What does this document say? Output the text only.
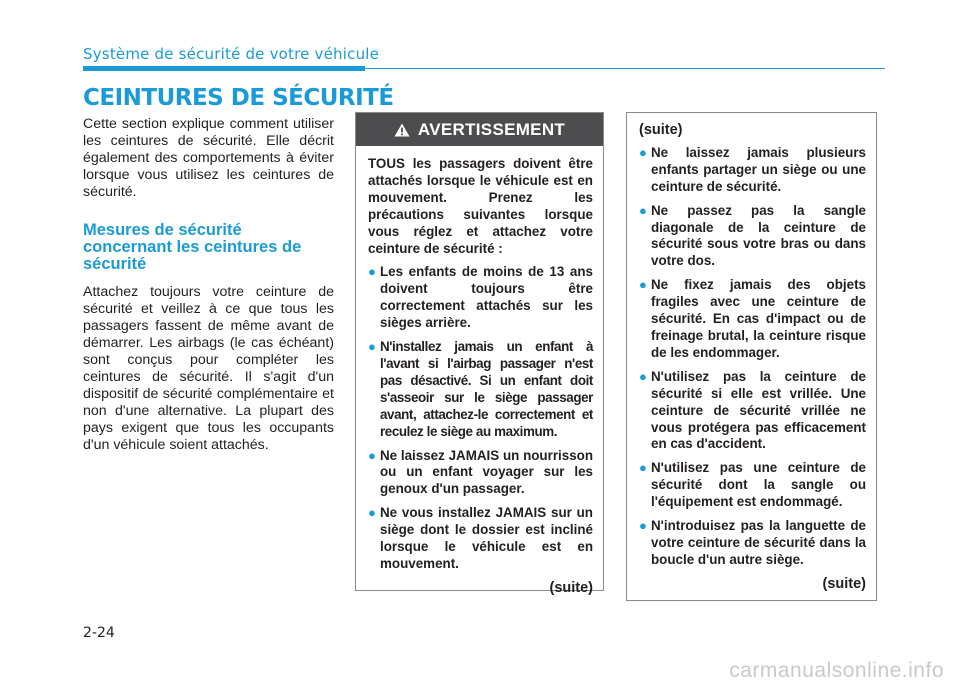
Système de sécurité de votre véhicule
CEINTURES DE SÉCURITÉ

Cette section explique comment utiliser les ceintures de sécurité. Elle décrit également des comportements à éviter lorsque vous utilisez les ceintures de sécurité.

Mesures de sécurité concernant les ceintures de sécurité

Attachez toujours votre ceinture de sécurité et veillez à ce que tous les passagers fassent de même avant de démarrer. Les airbags (le cas échéant) sont conçus pour compléter les ceintures de sécurité. Il s'agit d'un dispositif de sécurité complémentaire et non d'une alternative. La plupart des pays exigent que tous les occupants d'un véhicule soient attachés.

AVERTISSEMENT

TOUS les passagers doivent être attachés lorsque le véhicule est en mouvement. Prenez les précautions suivantes lorsque vous réglez et attachez votre ceinture de sécurité :

● Les enfants de moins de 13 ans doivent toujours être correctement attachés sur les sièges arrière.
● N'installez jamais un enfant à l'avant si l'airbag passager n'est pas désactivé. Si un enfant doit s'asseoir sur le siège passager avant, attachez-le correctement et reculez le siège au maximum.
● Ne laissez JAMAIS un nourrisson ou un enfant voyager sur les genoux d'un passager.
● Ne vous installez JAMAIS sur un siège dont le dossier est incliné lorsque le véhicule est en mouvement.
(suite)
(suite)
● Ne laissez jamais plusieurs enfants partager un siège ou une ceinture de sécurité.
● Ne passez pas la sangle diagonale de la ceinture de sécurité sous votre bras ou dans votre dos.
● Ne fixez jamais des objets fragiles avec une ceinture de sécurité. En cas d'impact ou de freinage brutal, la ceinture risque de les endommager.
● N'utilisez pas la ceinture de sécurité si elle est vrillée. Une ceinture de sécurité vrillée ne vous protégera pas efficacement en cas d'accident.
● N'utilisez pas une ceinture de sécurité dont la sangle ou l'équipement est endommagé.
● N'introduisez pas la languette de votre ceinture de sécurité dans la boucle d'un autre siège.
(suite)
2-24
carmanualsonline.info
